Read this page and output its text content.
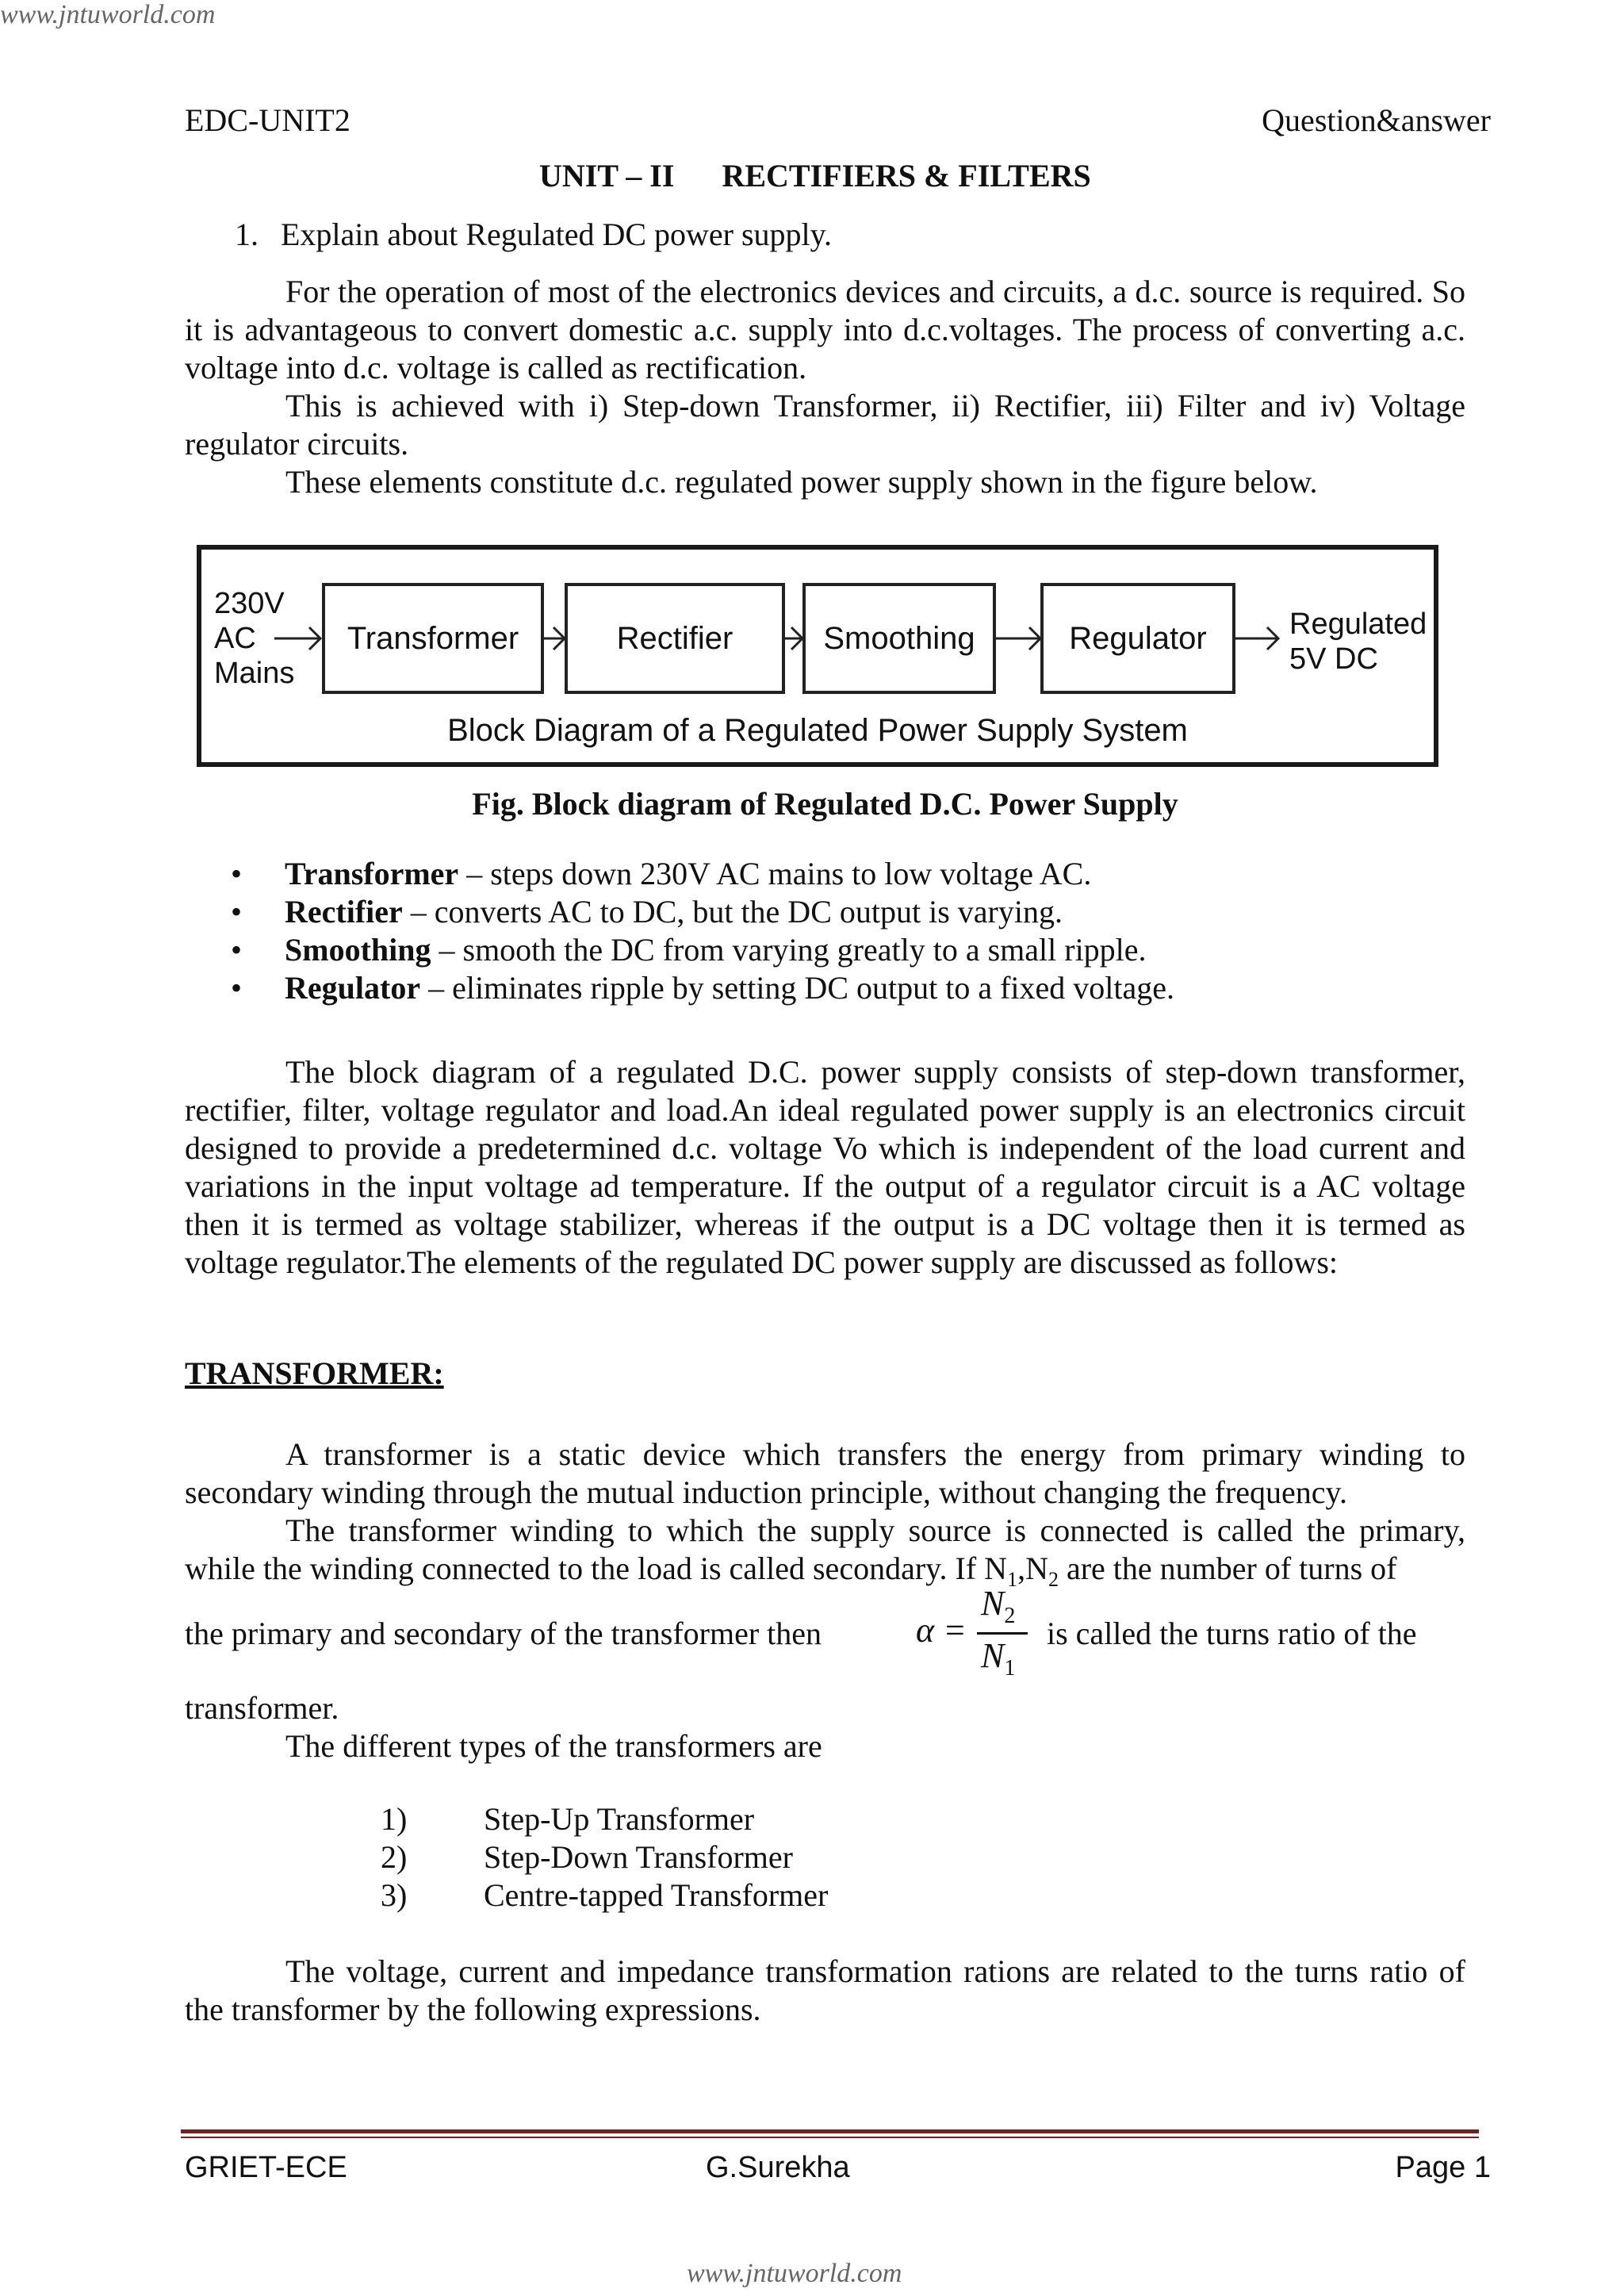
www.jntuworld.com
EDC-UNIT2	Question&answer
UNIT – II RECTIFIERS & FILTERS
1. Explain about Regulated DC power supply.
For the operation of most of the electronics devices and circuits, a d.c. source is required. So it is advantageous to convert domestic a.c. supply into d.c.voltages. The process of converting a.c. voltage into d.c. voltage is called as rectification.
This is achieved with i) Step-down Transformer, ii) Rectifier, iii) Filter and iv) Voltage regulator circuits.
These elements constitute d.c. regulated power supply shown in the figure below.
230V
AC
Mains
Transformer	Rectifier	Smoothing	Regulator	Regulated
5V DC
Block Diagram of a Regulated Power Supply System
Fig. Block diagram of Regulated D.C. Power Supply
• Transformer – steps down 230V AC mains to low voltage AC.
• Rectifier – converts AC to DC, but the DC output is varying.
• Smoothing – smooth the DC from varying greatly to a small ripple.
• Regulator – eliminates ripple by setting DC output to a fixed voltage.
The block diagram of a regulated D.C. power supply consists of step-down transformer, rectifier, filter, voltage regulator and load.An ideal regulated power supply is an electronics circuit designed to provide a predetermined d.c. voltage Vo which is independent of the load current and variations in the input voltage ad temperature. If the output of a regulator circuit is a AC voltage then it is termed as voltage stabilizer, whereas if the output is a DC voltage then it is termed as voltage regulator.The elements of the regulated DC power supply are discussed as follows:
TRANSFORMER:
A transformer is a static device which transfers the energy from primary winding to secondary winding through the mutual induction principle, without changing the frequency.
The transformer winding to which the supply source is connected is called the primary, while the winding connected to the load is called secondary. If $N_1,N_2$ are the number of turns of
the primary and secondary of the transformer then	α =
$N_2$
$N_1$
is called the turns ratio of the
transformer.
The different types of the transformers are
1)	Step-Up Transformer
2)	Step-Down Transformer
3)	Centre-tapped Transformer
The voltage, current and impedance transformation rations are related to the turns ratio of the transformer by the following expressions.
GRIET-ECE	G.Surekha	Page 1
www.jntuworld.com
